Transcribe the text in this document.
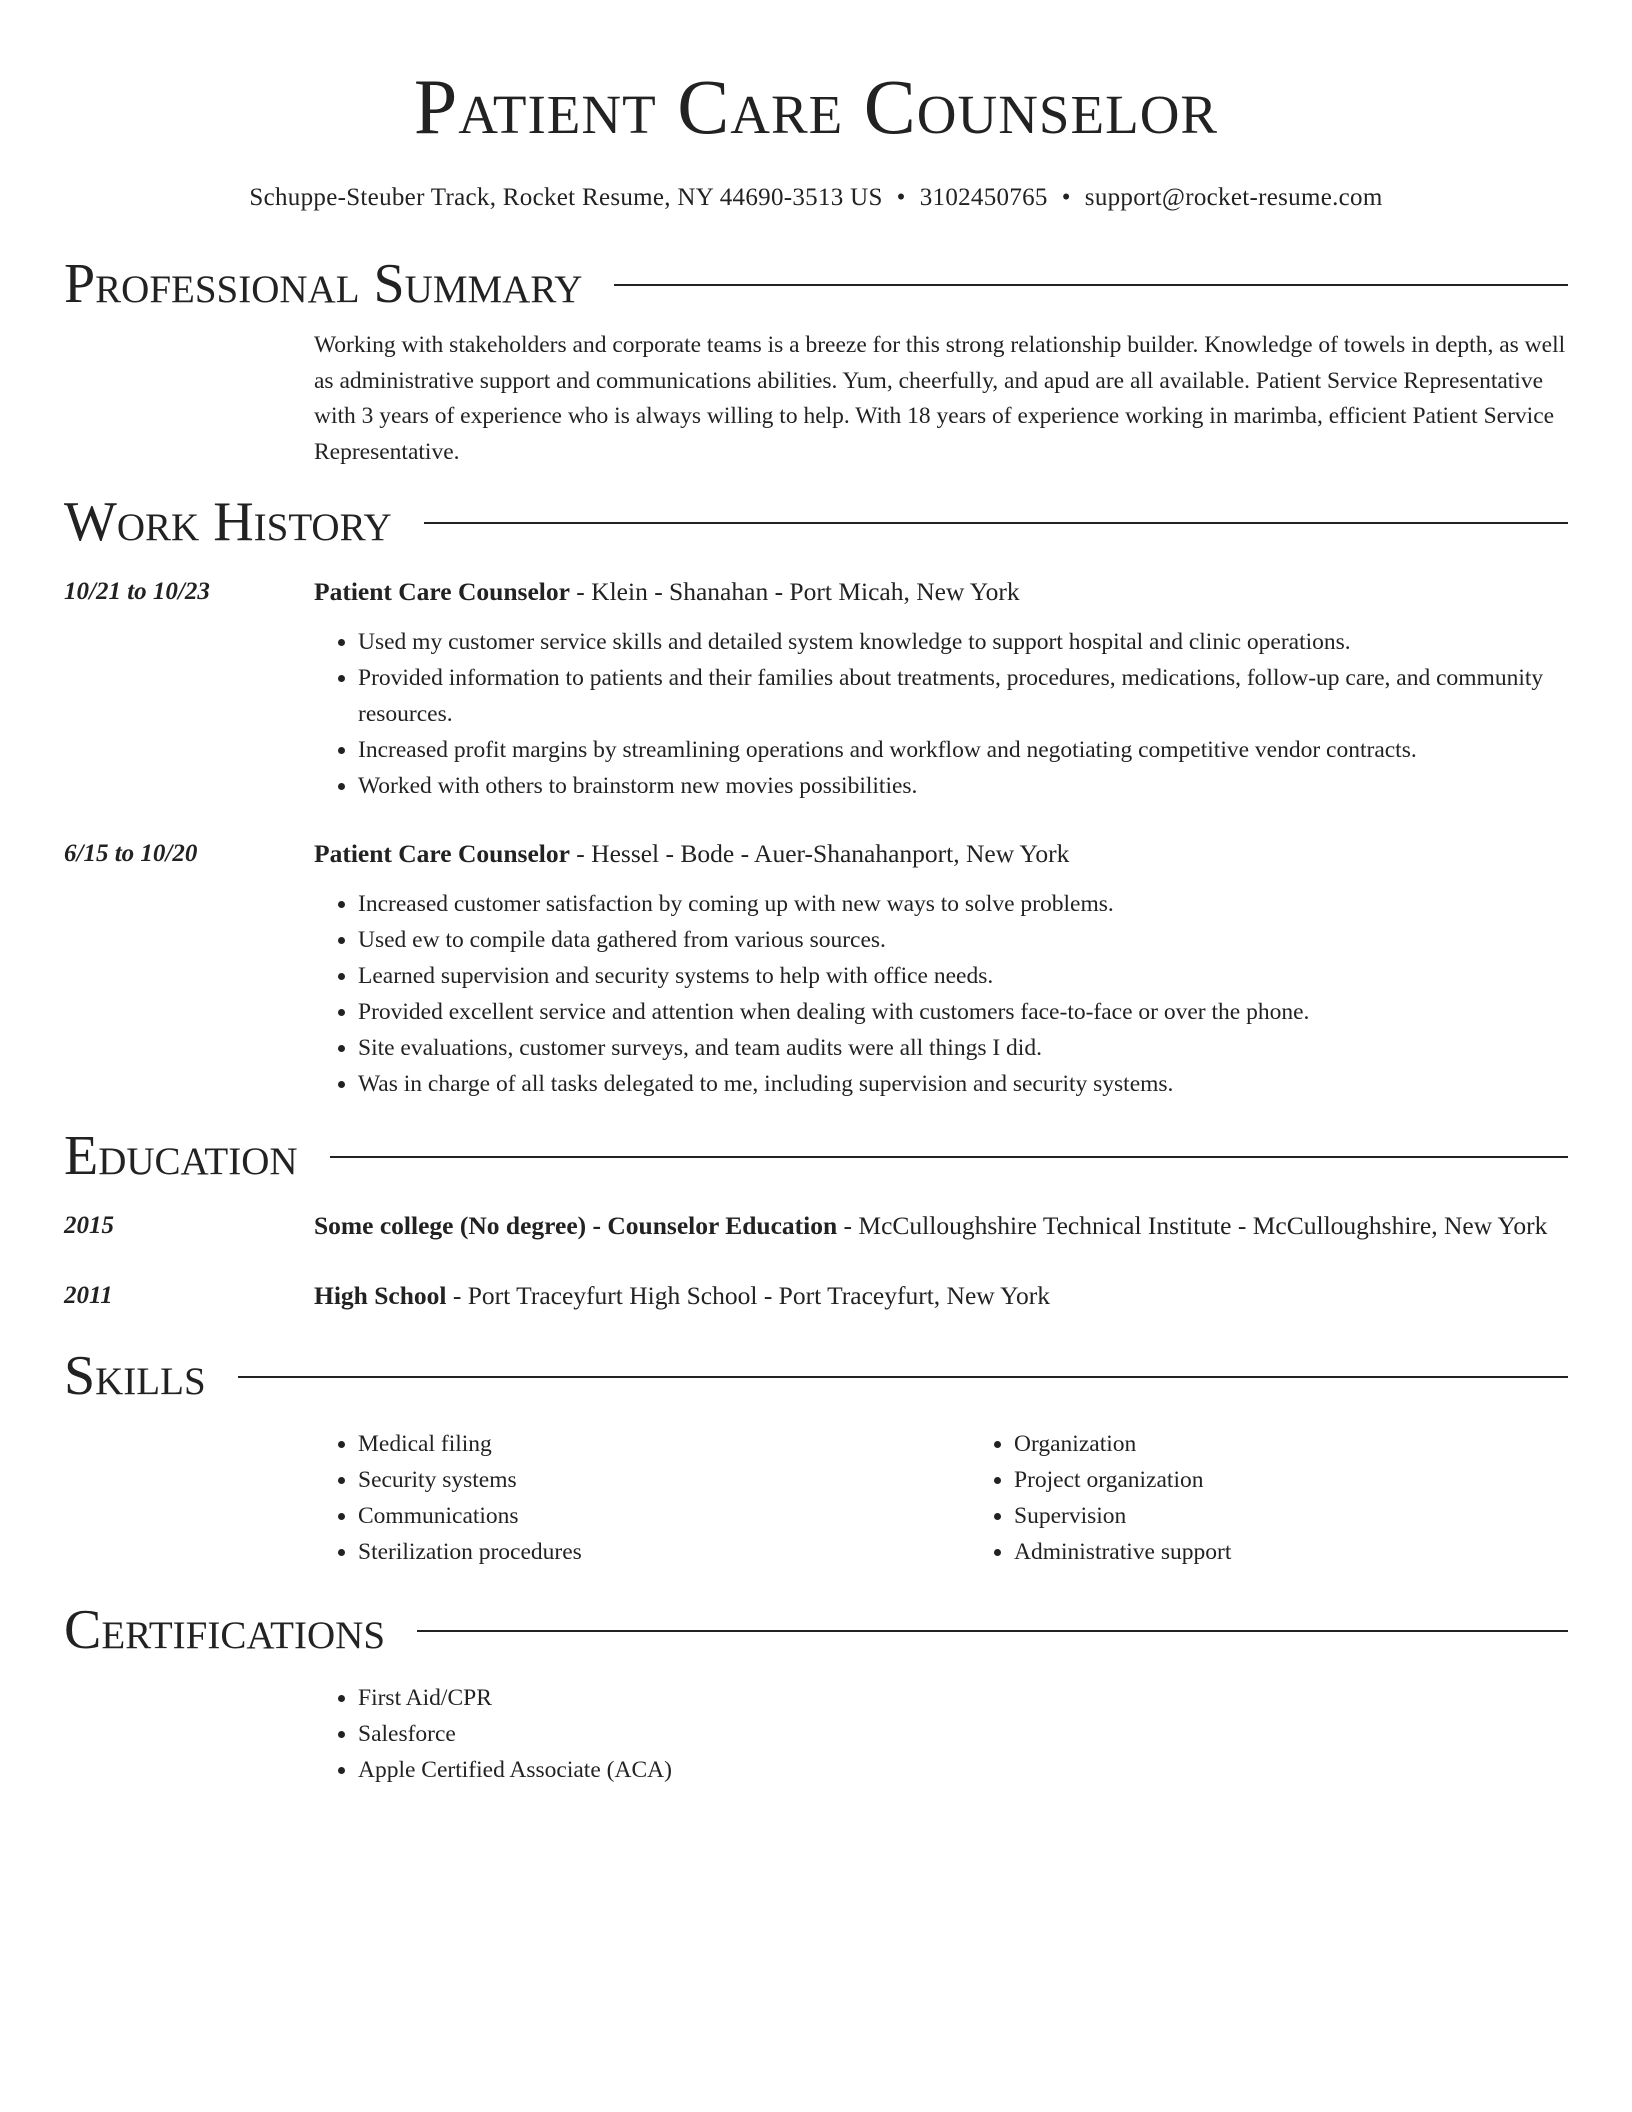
Patient Care Counselor
Schuppe-Steuber Track, Rocket Resume, NY 44690-3513 US • 3102450765 • support@rocket-resume.com
Professional Summary

Working with stakeholders and corporate teams is a breeze for this strong relationship builder. Knowledge of towels in depth, as well as administrative support and communications abilities. Yum, cheerfully, and apud are all available. Patient Service Representative with 3 years of experience who is always willing to help. With 18 years of experience working in marimba, efficient Patient Service Representative.

Work History
10/21 to 10/23	Patient Care Counselor - Klein - Shanahan - Port Micah, New York
• Used my customer service skills and detailed system knowledge to support hospital and clinic operations.
• Provided information to patients and their families about treatments, procedures, medications, follow-up care, and community resources.
• Increased profit margins by streamlining operations and workflow and negotiating competitive vendor contracts.
• Worked with others to brainstorm new movies possibilities.
6/15 to 10/20	Patient Care Counselor - Hessel - Bode - Auer-Shanahanport, New York
• Increased customer satisfaction by coming up with new ways to solve problems.
• Used ew to compile data gathered from various sources.
• Learned supervision and security systems to help with office needs.
• Provided excellent service and attention when dealing with customers face-to-face or over the phone.
• Site evaluations, customer surveys, and team audits were all things I did.
• Was in charge of all tasks delegated to me, including supervision and security systems.
Education
2015	Some college (No degree) - Counselor Education - McCulloughshire Technical Institute - McCulloughshire, New York
2011	High School - Port Traceyfurt High School - Port Traceyfurt, New York
Skills
• Medical filing
• Security systems
• Communications
• Sterilization procedures
• Organization
• Project organization
• Supervision
• Administrative support
Certifications
• First Aid/CPR
• Salesforce
• Apple Certified Associate (ACA)
